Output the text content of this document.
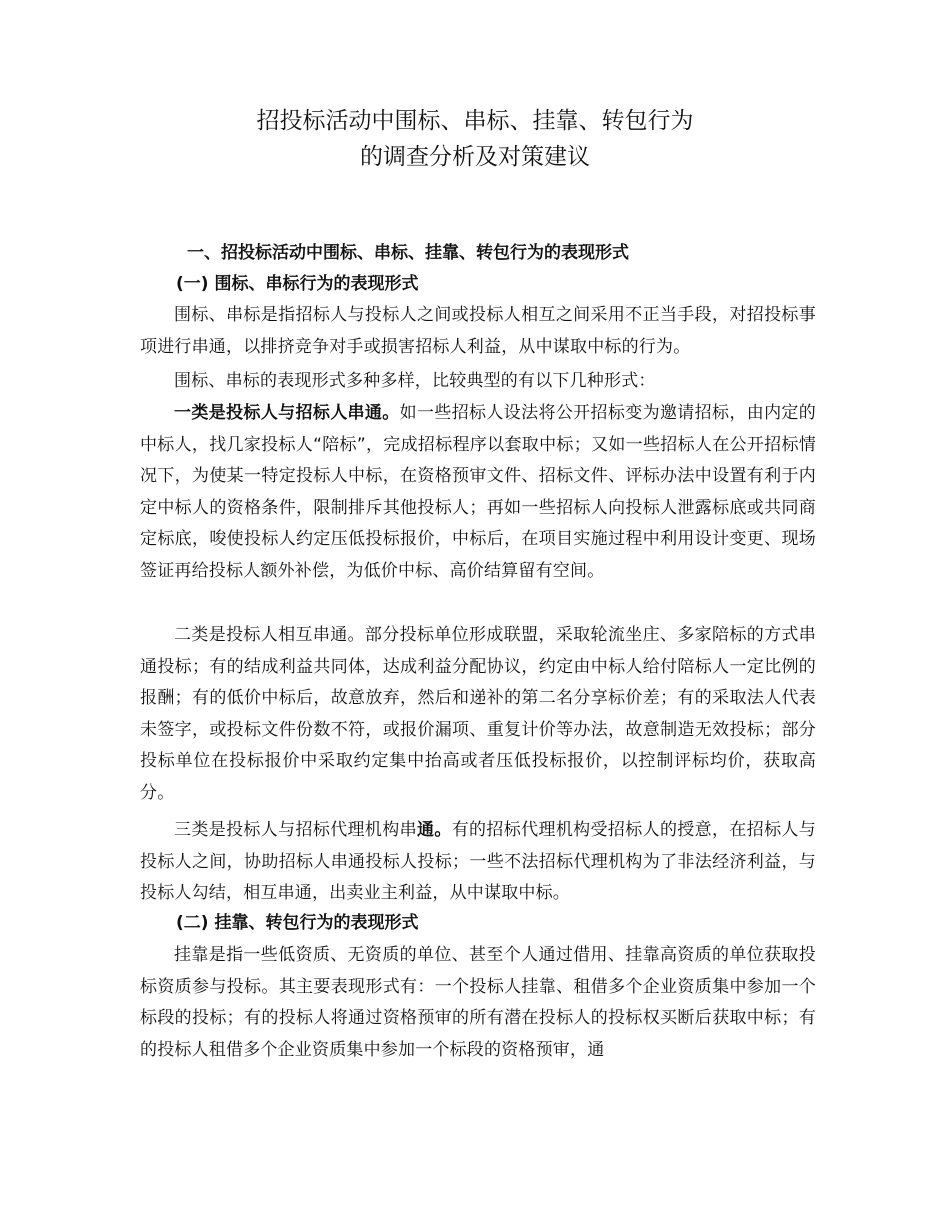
招投标活动中围标、串标、挂靠、转包行为
的调查分析及对策建议
一、招投标活动中围标、串标、挂靠、转包行为的表现形式
(一) 围标、串标行为的表现形式

围标、串标是指招标人与投标人之间或投标人相互之间采用不正当手段，对招投标事项进行串通，以排挤竞争对手或损害招标人利益，从中谋取中标的行为。

围标、串标的表现形式多种多样，比较典型的有以下几种形式：

一类是投标人与招标人串通。如一些招标人设法将公开招标变为邀请招标，由内定的中标人，找几家投标人“陪标”，完成招标程序以套取中标；又如一些招标人在公开招标情况下，为使某一特定投标人中标，在资格预审文件、招标文件、评标办法中设置有利于内定中标人的资格条件，限制排斥其他投标人；再如一些招标人向投标人泄露标底或共同商定标底，唆使投标人约定压低投标报价，中标后，在项目实施过程中利用设计变更、现场签证再给投标人额外补偿，为低价中标、高价结算留有空间。

二类是投标人相互串通。部分投标单位形成联盟，采取轮流坐庄、多家陪标的方式串通投标；有的结成利益共同体，达成利益分配协议，约定由中标人给付陪标人一定比例的报酬；有的低价中标后，故意放弃，然后和递补的第二名分享标价差；有的采取法人代表未签字，或投标文件份数不符，或报价漏项、重复计价等办法，故意制造无效投标；部分投标单位在投标报价中采取约定集中抬高或者压低投标报价，以控制评标均价，获取高分。

三类是投标人与招标代理机构串通。有的招标代理机构受招标人的授意，在招标人与投标人之间，协助招标人串通投标人投标；一些不法招标代理机构为了非法经济利益，与投标人勾结，相互串通，出卖业主利益，从中谋取中标。

(二) 挂靠、转包行为的表现形式

挂靠是指一些低资质、无资质的单位、甚至个人通过借用、挂靠高资质的单位获取投标资质参与投标。其主要表现形式有：一个投标人挂靠、租借多个企业资质集中参加一个标段的投标；有的投标人将通过资格预审的所有潜在投标人的投标权买断后获取中标；有的投标人租借多个企业资质集中参加一个标段的资格预审，通
